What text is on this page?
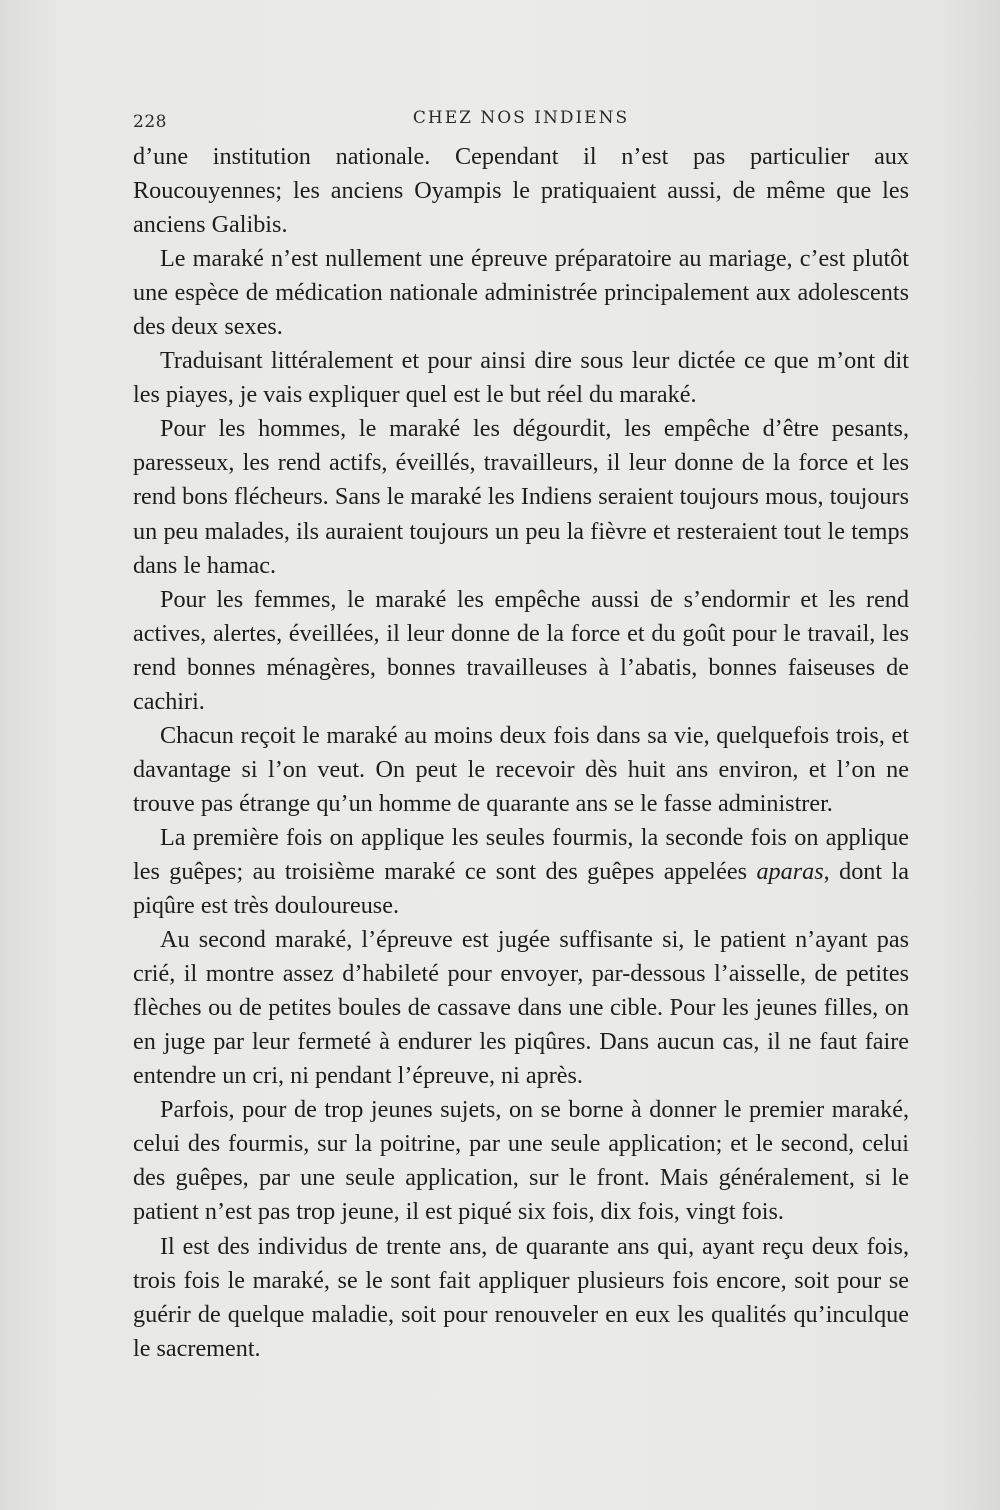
228	CHEZ NOS INDIENS

d’une institution nationale. Cependant il n’est pas particulier aux Roucouyennes; les anciens Oyampis le pratiquaient aussi, de même que les anciens Galibis.

Le maraké n’est nullement une épreuve préparatoire au mariage, c’est plutôt une espèce de médication nationale administrée principalement aux adolescents des deux sexes.

Traduisant littéralement et pour ainsi dire sous leur dictée ce que m’ont dit les piayes, je vais expliquer quel est le but réel du maraké.

Pour les hommes, le maraké les dégourdit, les empêche d’être pesants, paresseux, les rend actifs, éveillés, travailleurs, il leur donne de la force et les rend bons flécheurs. Sans le maraké les Indiens seraient toujours mous, toujours un peu malades, ils auraient toujours un peu la fièvre et resteraient tout le temps dans le hamac.

Pour les femmes, le maraké les empêche aussi de s’endormir et les rend actives, alertes, éveillées, il leur donne de la force et du goût pour le travail, les rend bonnes ménagères, bonnes travailleuses à l’abatis, bonnes faiseuses de cachiri.

Chacun reçoit le maraké au moins deux fois dans sa vie, quelquefois trois, et davantage si l’on veut. On peut le recevoir dès huit ans environ, et l’on ne trouve pas étrange qu’un homme de quarante ans se le fasse administrer.

La première fois on applique les seules fourmis, la seconde fois on applique les guêpes; au troisième maraké ce sont des guêpes appelées aparas, dont la piqûre est très douloureuse.

Au second maraké, l’épreuve est jugée suffisante si, le patient n’ayant pas crié, il montre assez d’habileté pour envoyer, par-dessous l’aisselle, de petites flèches ou de petites boules de cassave dans une cible. Pour les jeunes filles, on en juge par leur fermeté à endurer les piqûres. Dans aucun cas, il ne faut faire entendre un cri, ni pendant l’épreuve, ni après.

Parfois, pour de trop jeunes sujets, on se borne à donner le premier maraké, celui des fourmis, sur la poitrine, par une seule application; et le second, celui des guêpes, par une seule application, sur le front. Mais généralement, si le patient n’est pas trop jeune, il est piqué six fois, dix fois, vingt fois.

Il est des individus de trente ans, de quarante ans qui, ayant reçu deux fois, trois fois le maraké, se le sont fait appliquer plusieurs fois encore, soit pour se guérir de quelque maladie, soit pour renouveler en eux les qualités qu’inculque le sacrement.
